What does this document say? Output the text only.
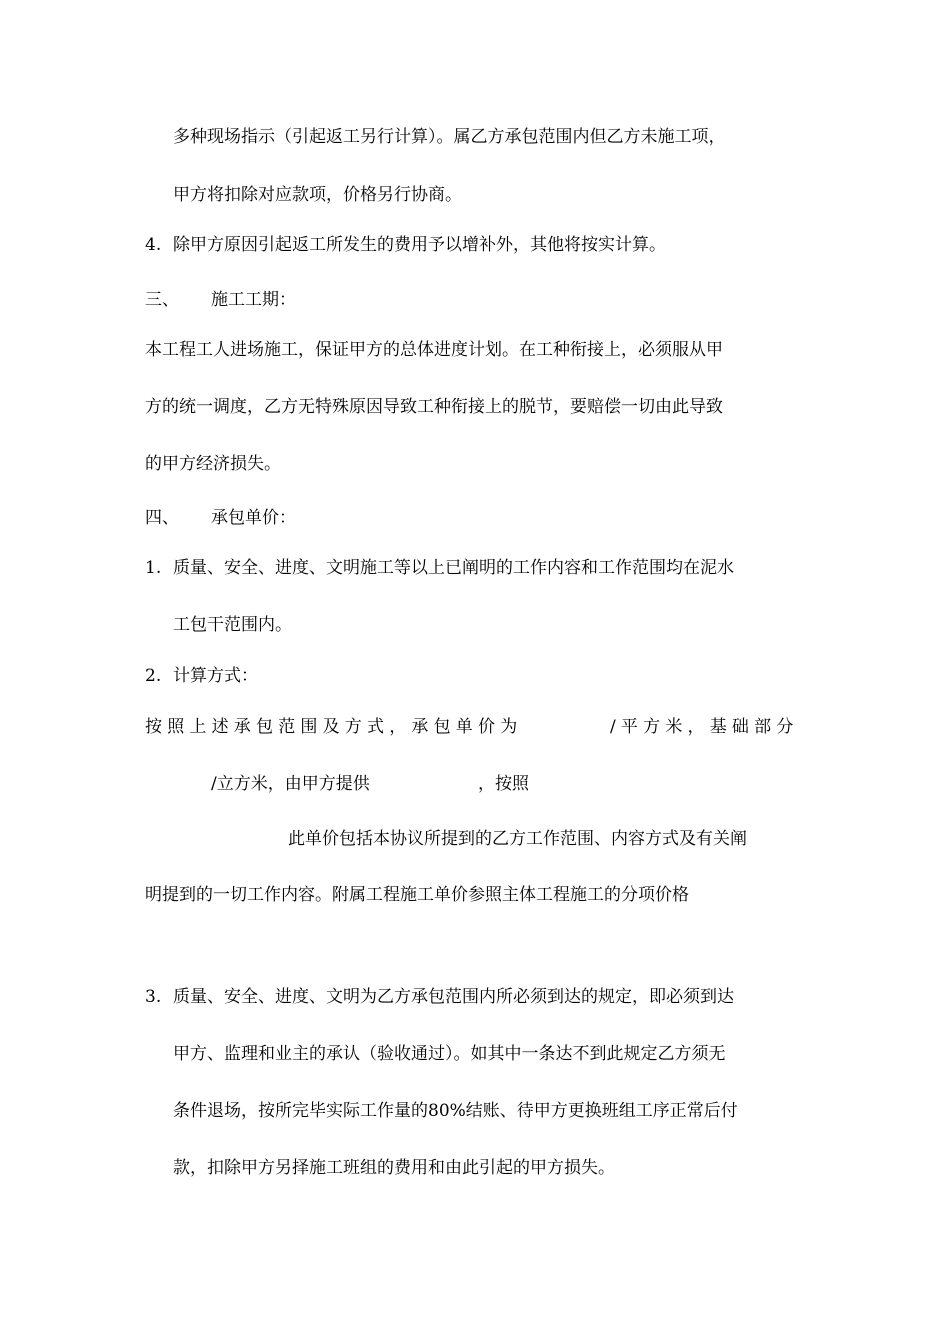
多种现场指示（引起返工另行计算）。属乙方承包范围内但乙方未施工项，
甲方将扣除对应款项，价格另行协商。
4. 除甲方原因引起返工所发生的费用予以增补外，其他将按实计算。
三、 施工工期：
本工程工人进场施工，保证甲方的总体进度计划。在工种衔接上，必须服从甲
方的统一调度，乙方无特殊原因导致工种衔接上的脱节，要赔偿一切由此导致
的甲方经济损失。
四、 承包单价：
1. 质量、安全、进度、文明施工等以上已阐明的工作内容和工作范围均在泥水
工包干范围内。
2. 计算方式：
按照上述承包范围及方式，承包单价为	/平方米，基础部分
/立方米，由甲方提供	，按照
此单价包括本协议所提到的乙方工作范围、内容方式及有关阐
明提到的一切工作内容。附属工程施工单价参照主体工程施工的分项价格
3. 质量、安全、进度、文明为乙方承包范围内所必须到达的规定，即必须到达
甲方、监理和业主的承认（验收通过）。如其中一条达不到此规定乙方须无
条件退场，按所完毕实际工作量的80%结账、待甲方更换班组工序正常后付
款，扣除甲方另择施工班组的费用和由此引起的甲方损失。
